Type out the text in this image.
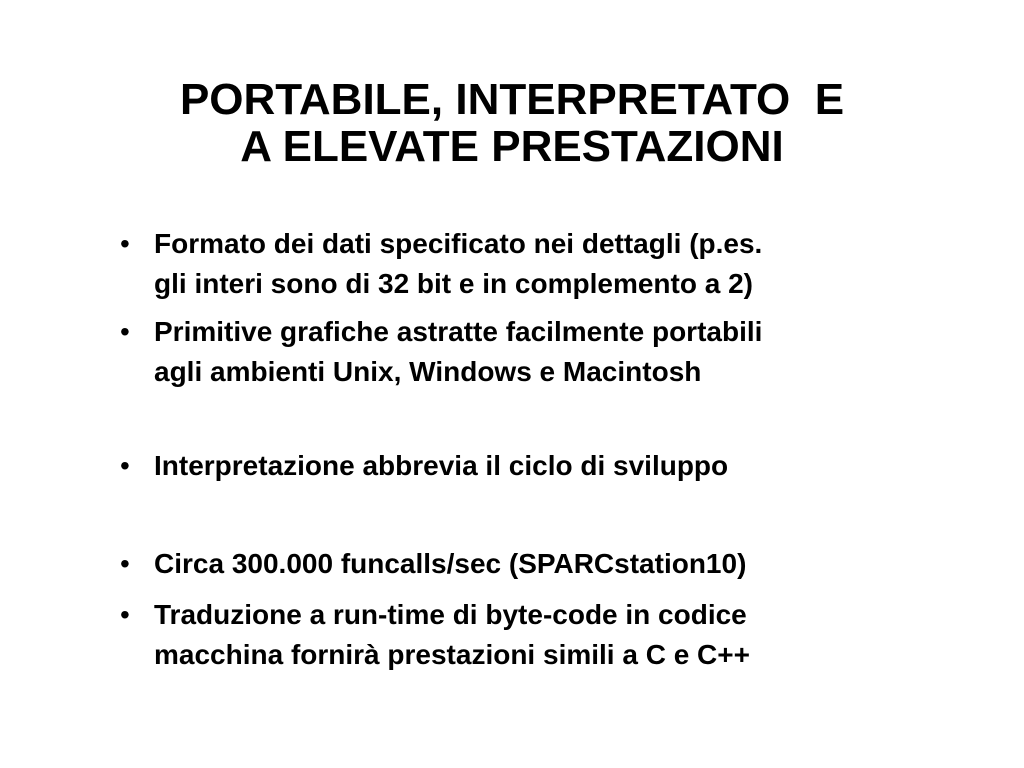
PORTABILE, INTERPRETATO  E
A ELEVATE PRESTAZIONI
• Formato dei dati specificato nei dettagli (p.es.
gli interi sono di 32 bit e in complemento a 2)
• Primitive grafiche astratte facilmente portabili
agli ambienti Unix, Windows e Macintosh
• Interpretazione abbrevia il ciclo di sviluppo
• Circa 300.000 funcalls/sec (SPARCstation10)
• Traduzione a run-time di byte-code in codice
macchina fornirà prestazioni simili a C e C++
